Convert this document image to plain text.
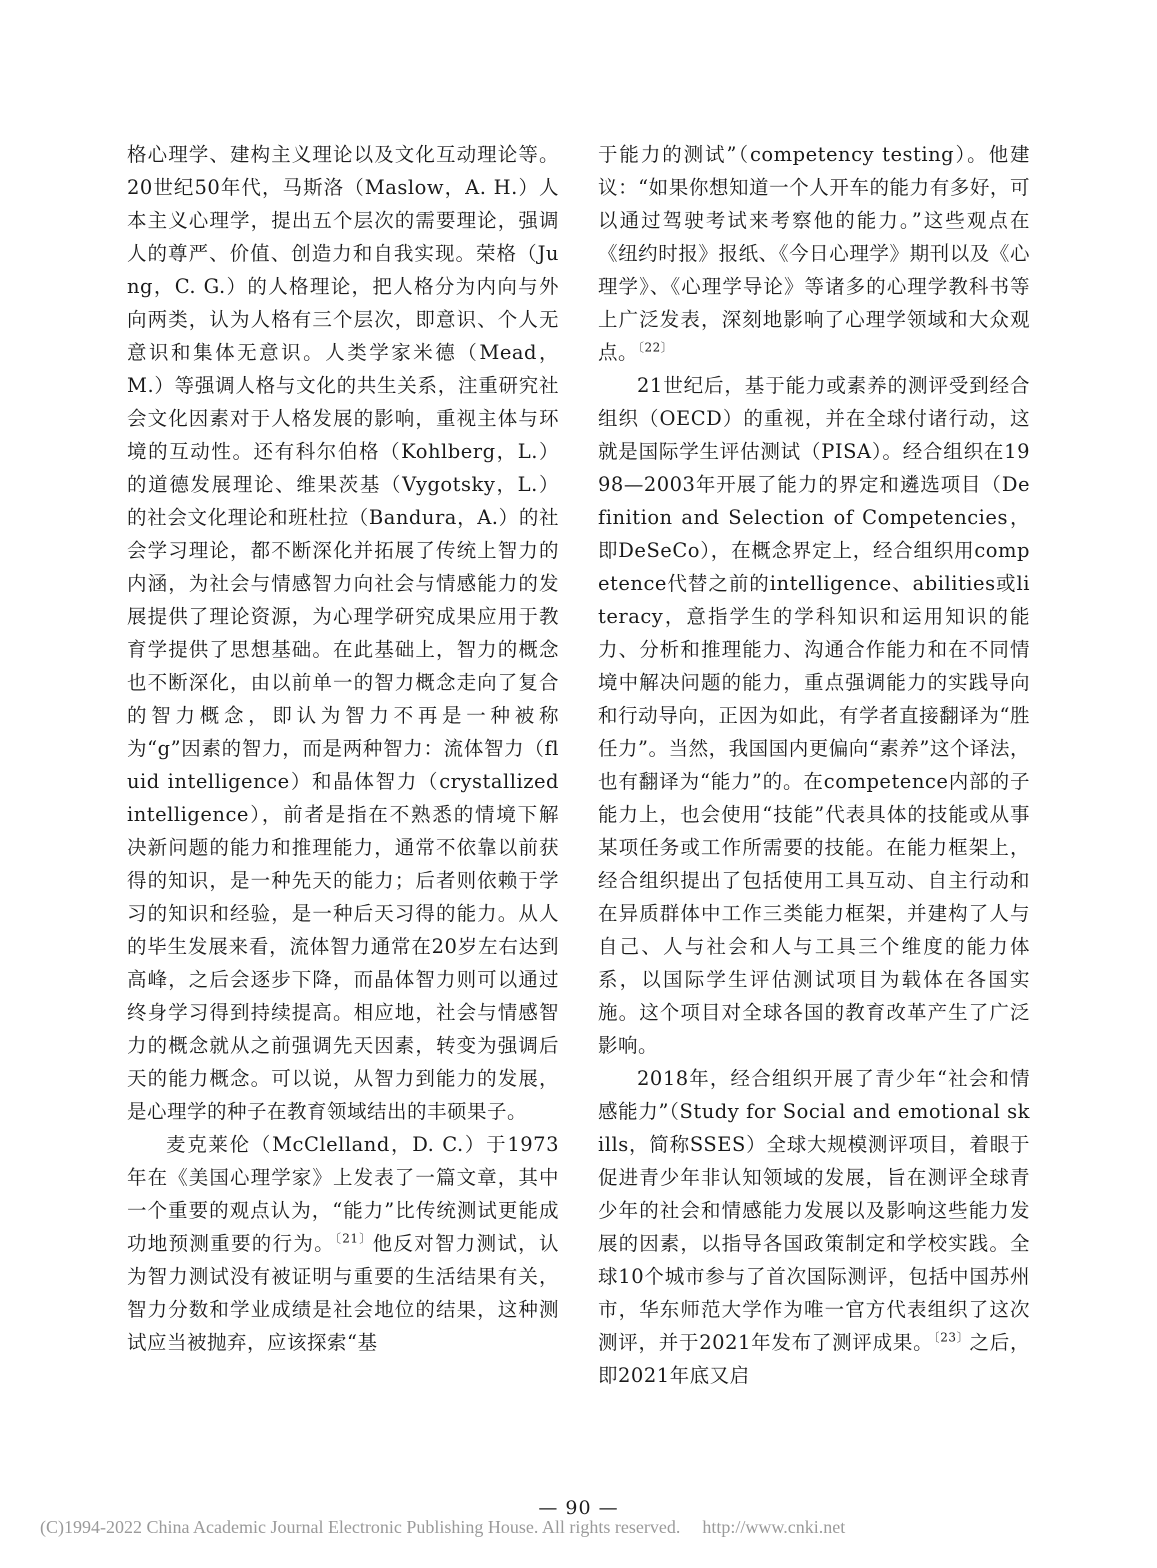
格心理学、建构主义理论以及文化互动理论等。20世纪50年代，马斯洛（Maslow，A. H.）人本主义心理学，提出五个层次的需要理论，强调人的尊严、价值、创造力和自我实现。荣格（Jung，C. G.）的人格理论，把人格分为内向与外向两类，认为人格有三个层次，即意识、个人无意识和集体无意识。人类学家米德（Mead，M.）等强调人格与文化的共生关系，注重研究社会文化因素对于人格发展的影响，重视主体与环境的互动性。还有科尔伯格（Kohlberg，L.）的道德发展理论、维果茨基（Vygotsky，L.）的社会文化理论和班杜拉（Bandura，A.）的社会学习理论，都不断深化并拓展了传统上智力的内涵，为社会与情感智力向社会与情感能力的发展提供了理论资源，为心理学研究成果应用于教育学提供了思想基础。在此基础上，智力的概念也不断深化，由以前单一的智力概念走向了复合的智力概念，即认为智力不再是一种被称为“g”因素的智力，而是两种智力：流体智力（fluid intelligence）和晶体智力（crystallized intelligence），前者是指在不熟悉的情境下解决新问题的能力和推理能力，通常不依靠以前获得的知识，是一种先天的能力；后者则依赖于学习的知识和经验，是一种后天习得的能力。从人的毕生发展来看，流体智力通常在20岁左右达到高峰，之后会逐步下降，而晶体智力则可以通过终身学习得到持续提高。相应地，社会与情感智力的概念就从之前强调先天因素，转变为强调后天的能力概念。可以说，从智力到能力的发展，是心理学的种子在教育领域结出的丰硕果子。

麦克莱伦（McClelland，D. C.）于1973年在《美国心理学家》上发表了一篇文章，其中一个重要的观点认为，“能力”比传统测试更能成功地预测重要的行为。$^{〔21〕}$他反对智力测试，认为智力测试没有被证明与重要的生活结果有关，智力分数和学业成绩是社会地位的结果，这种测试应当被抛弃，应该探索“基

于能力的测试”（competency testing）。他建议：“如果你想知道一个人开车的能力有多好，可以通过驾驶考试来考察他的能力。”这些观点在《纽约时报》报纸、《今日心理学》期刊以及《心理学》、《心理学导论》等诸多的心理学教科书等上广泛发表，深刻地影响了心理学领域和大众观点。$^{〔22〕}$

21世纪后，基于能力或素养的测评受到经合组织（OECD）的重视，并在全球付诸行动，这就是国际学生评估测试（PISA）。经合组织在1998—2003年开展了能力的界定和遴选项目（Definition and Selection of Competencies，即DeSeCo），在概念界定上，经合组织用competence代替之前的intelligence、abilities或literacy，意指学生的学科知识和运用知识的能力、分析和推理能力、沟通合作能力和在不同情境中解决问题的能力，重点强调能力的实践导向和行动导向，正因为如此，有学者直接翻译为“胜任力”。当然，我国国内更偏向“素养”这个译法，也有翻译为“能力”的。在competence内部的子能力上，也会使用“技能”代表具体的技能或从事某项任务或工作所需要的技能。在能力框架上，经合组织提出了包括使用工具互动、自主行动和在异质群体中工作三类能力框架，并建构了人与自己、人与社会和人与工具三个维度的能力体系，以国际学生评估测试项目为载体在各国实施。这个项目对全球各国的教育改革产生了广泛影响。

2018年，经合组织开展了青少年“社会和情感能力”（Study for Social and emotional skills，简称SSES）全球大规模测评项目，着眼于促进青少年非认知领域的发展，旨在测评全球青少年的社会和情感能力发展以及影响这些能力发展的因素，以指导各国政策制定和学校实践。全球10个城市参与了首次国际测评，包括中国苏州市，华东师范大学作为唯一官方代表组织了这次测评，并于2021年发布了测评成果。$^{〔23〕}$之后，即2021年底又启

— 90 —
(C)1994-2022 China Academic Journal Electronic Publishing House. All rights reserved. http://www.cnki.net
